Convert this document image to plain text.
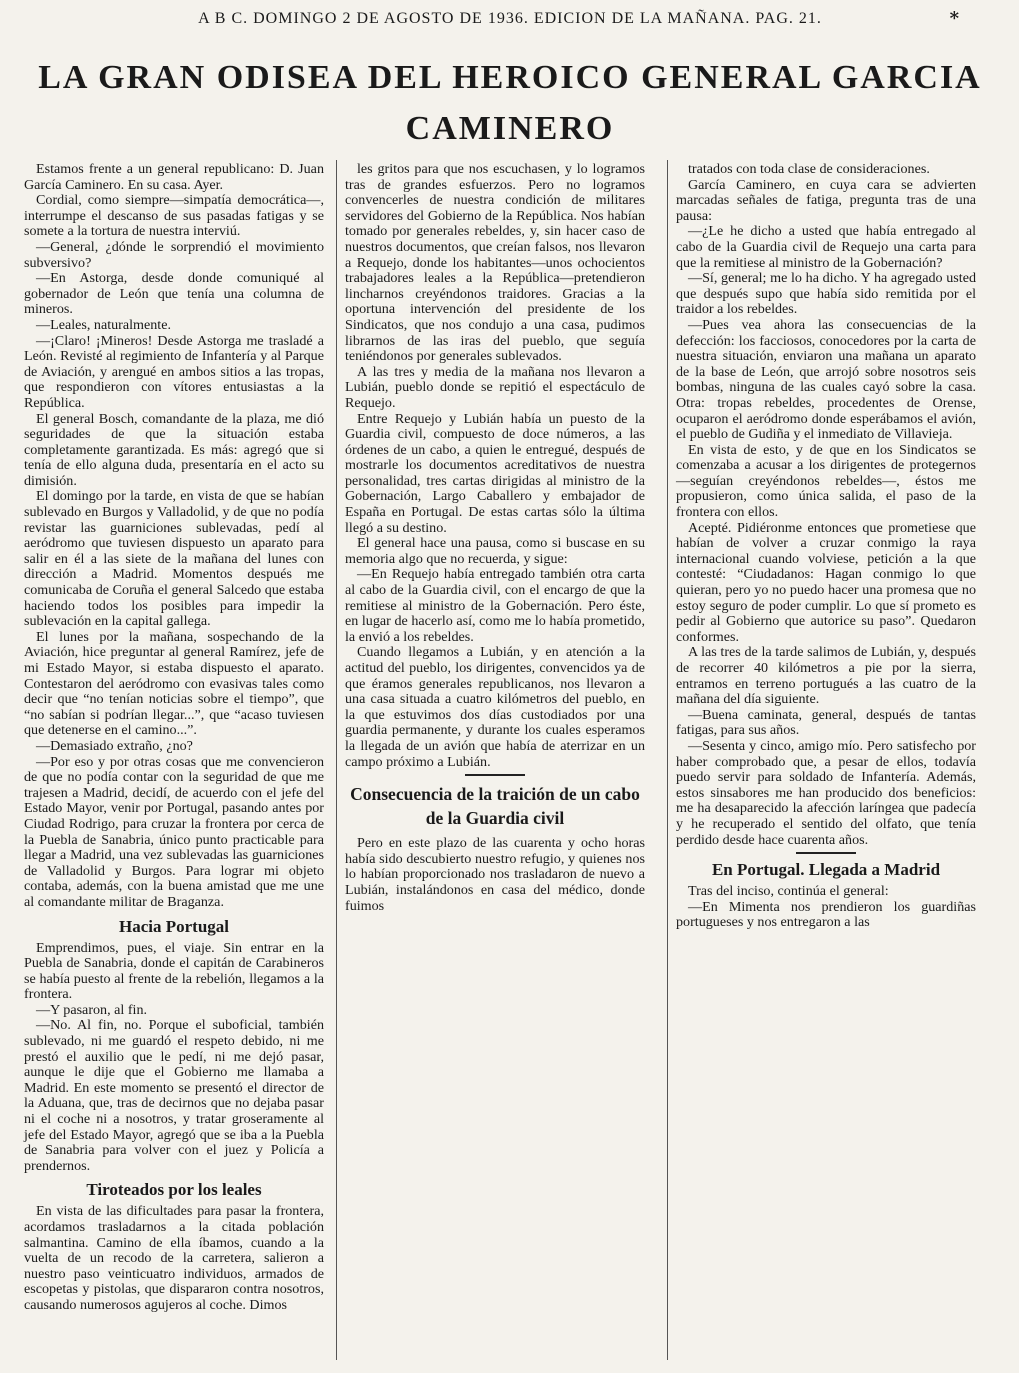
A B C. DOMINGO 2 DE AGOSTO DE 1936. EDICION DE LA MAÑANA. PAG. 21.	*
LA GRAN ODISEA DEL HEROICO GENERAL GARCIA CAMINERO

Estamos frente a un general republicano: D. Juan García Caminero. En su casa. Ayer.

Cordial, como siempre—simpatía democrática—, interrumpe el descanso de sus pasadas fatigas y se somete a la tortura de nuestra interviú.

—General, ¿dónde le sorprendió el movimiento subversivo?

—En Astorga, desde donde comuniqué al gobernador de León que tenía una columna de mineros.

—Leales, naturalmente.

—¡Claro! ¡Mineros! Desde Astorga me trasladé a León. Revisté al regimiento de Infantería y al Parque de Aviación, y arengué en ambos sitios a las tropas, que respondieron con vítores entusiastas a la República.

El general Bosch, comandante de la plaza, me dió seguridades de que la situación estaba completamente garantizada. Es más: agregó que si tenía de ello alguna duda, presentaría en el acto su dimisión.

El domingo por la tarde, en vista de que se habían sublevado en Burgos y Valladolid, y de que no podía revistar las guarniciones sublevadas, pedí al aeródromo que tuviesen dispuesto un aparato para salir en él a las siete de la mañana del lunes con dirección a Madrid. Momentos después me comunicaba de Coruña el general Salcedo que estaba haciendo todos los posibles para impedir la sublevación en la capital gallega.

El lunes por la mañana, sospechando de la Aviación, hice preguntar al general Ramírez, jefe de mi Estado Mayor, si estaba dispuesto el aparato. Contestaron del aeródromo con evasivas tales como decir que “no tenían noticias sobre el tiempo”, que “no sabían si podrían llegar...”, que “acaso tuviesen que detenerse en el camino...”.

—Demasiado extraño, ¿no?

—Por eso y por otras cosas que me convencieron de que no podía contar con la seguridad de que me trajesen a Madrid, decidí, de acuerdo con el jefe del Estado Mayor, venir por Portugal, pasando antes por Ciudad Rodrigo, para cruzar la frontera por cerca de la Puebla de Sanabria, único punto practicable para llegar a Madrid, una vez sublevadas las guarniciones de Valladolid y Burgos. Para lograr mi objeto contaba, además, con la buena amistad que me une al comandante militar de Braganza.

Hacia Portugal

Emprendimos, pues, el viaje. Sin entrar en la Puebla de Sanabria, donde el capitán de Carabineros se había puesto al frente de la rebelión, llegamos a la frontera.

—Y pasaron, al fin.

—No. Al fin, no. Porque el suboficial, también sublevado, ni me guardó el respeto debido, ni me prestó el auxilio que le pedí, ni me dejó pasar, aunque le dije que el Gobierno me llamaba a Madrid. En este momento se presentó el director de la Aduana, que, tras de decirnos que no dejaba pasar ni el coche ni a nosotros, y tratar groseramente al jefe del Estado Mayor, agregó que se iba a la Puebla de Sanabria para volver con el juez y Policía a prendernos.

Tiroteados por los leales

En vista de las dificultades para pasar la frontera, acordamos trasladarnos a la citada población salmantina. Camino de ella íbamos, cuando a la vuelta de un recodo de la carretera, salieron a nuestro paso veinticuatro individuos, armados de escopetas y pistolas, que dispararon contra nosotros, causando numerosos agujeros al coche. Dimos

les gritos para que nos escuchasen, y lo logramos tras de grandes esfuerzos. Pero no logramos convencerles de nuestra condición de militares servidores del Gobierno de la República. Nos habían tomado por generales rebeldes, y, sin hacer caso de nuestros documentos, que creían falsos, nos llevaron a Requejo, donde los habitantes—unos ochocientos trabajadores leales a la República—pretendieron lincharnos creyéndonos traidores. Gracias a la oportuna intervención del presidente de los Sindicatos, que nos condujo a una casa, pudimos librarnos de las iras del pueblo, que seguía teniéndonos por generales sublevados.

A las tres y media de la mañana nos llevaron a Lubián, pueblo donde se repitió el espectáculo de Requejo.

Entre Requejo y Lubián había un puesto de la Guardia civil, compuesto de doce números, a las órdenes de un cabo, a quien le entregué, después de mostrarle los documentos acreditativos de nuestra personalidad, tres cartas dirigidas al ministro de la Gobernación, Largo Caballero y embajador de España en Portugal. De estas cartas sólo la última llegó a su destino.

El general hace una pausa, como si buscase en su memoria algo que no recuerda, y sigue:

—En Requejo había entregado también otra carta al cabo de la Guardia civil, con el encargo de que la remitiese al ministro de la Gobernación. Pero éste, en lugar de hacerlo así, como me lo había prometido, la envió a los rebeldes.

Cuando llegamos a Lubián, y en atención a la actitud del pueblo, los dirigentes, convencidos ya de que éramos generales republicanos, nos llevaron a una casa situada a cuatro kilómetros del pueblo, en la que estuvimos dos días custodiados por una guardia permanente, y durante los cuales esperamos la llegada de un avión que había de aterrizar en un campo próximo a Lubián.

Consecuencia de la traición de un cabo de la Guardia civil

Pero en este plazo de las cuarenta y ocho horas había sido descubierto nuestro refugio, y quienes nos lo habían proporcionado nos trasladaron de nuevo a Lubián, instalándonos en casa del médico, donde fuimos

tratados con toda clase de consideraciones.

García Caminero, en cuya cara se advierten marcadas señales de fatiga, pregunta tras de una pausa:

—¿Le he dicho a usted que había entregado al cabo de la Guardia civil de Requejo una carta para que la remitiese al ministro de la Gobernación?

—Sí, general; me lo ha dicho. Y ha agregado usted que después supo que había sido remitida por el traidor a los rebeldes.

—Pues vea ahora las consecuencias de la defección: los facciosos, conocedores por la carta de nuestra situación, enviaron una mañana un aparato de la base de León, que arrojó sobre nosotros seis bombas, ninguna de las cuales cayó sobre la casa. Otra: tropas rebeldes, procedentes de Orense, ocuparon el aeródromo donde esperábamos el avión, el pueblo de Gudiña y el inmediato de Villavieja.

En vista de esto, y de que en los Sindicatos se comenzaba a acusar a los dirigentes de protegernos—seguían creyéndonos rebeldes—, éstos me propusieron, como única salida, el paso de la frontera con ellos.

Acepté. Pidiéronme entonces que prometiese que habían de volver a cruzar conmigo la raya internacional cuando volviese, petición a la que contesté: “Ciudadanos: Hagan conmigo lo que quieran, pero yo no puedo hacer una promesa que no estoy seguro de poder cumplir. Lo que sí prometo es pedir al Gobierno que autorice su paso”. Quedaron conformes.

A las tres de la tarde salimos de Lubián, y, después de recorrer 40 kilómetros a pie por la sierra, entramos en terreno portugués a las cuatro de la mañana del día siguiente.

—Buena caminata, general, después de tantas fatigas, para sus años.

—Sesenta y cinco, amigo mío. Pero satisfecho por haber comprobado que, a pesar de ellos, todavía puedo servir para soldado de Infantería. Además, estos sinsabores me han producido dos beneficios: me ha desaparecido la afección laríngea que padecía y he recuperado el sentido del olfato, que tenía perdido desde hace cuarenta años.

En Portugal. Llegada a Madrid

Tras del inciso, continúa el general:

—En Mimenta nos prendieron los guardiñas portugueses y nos entregaron a las
